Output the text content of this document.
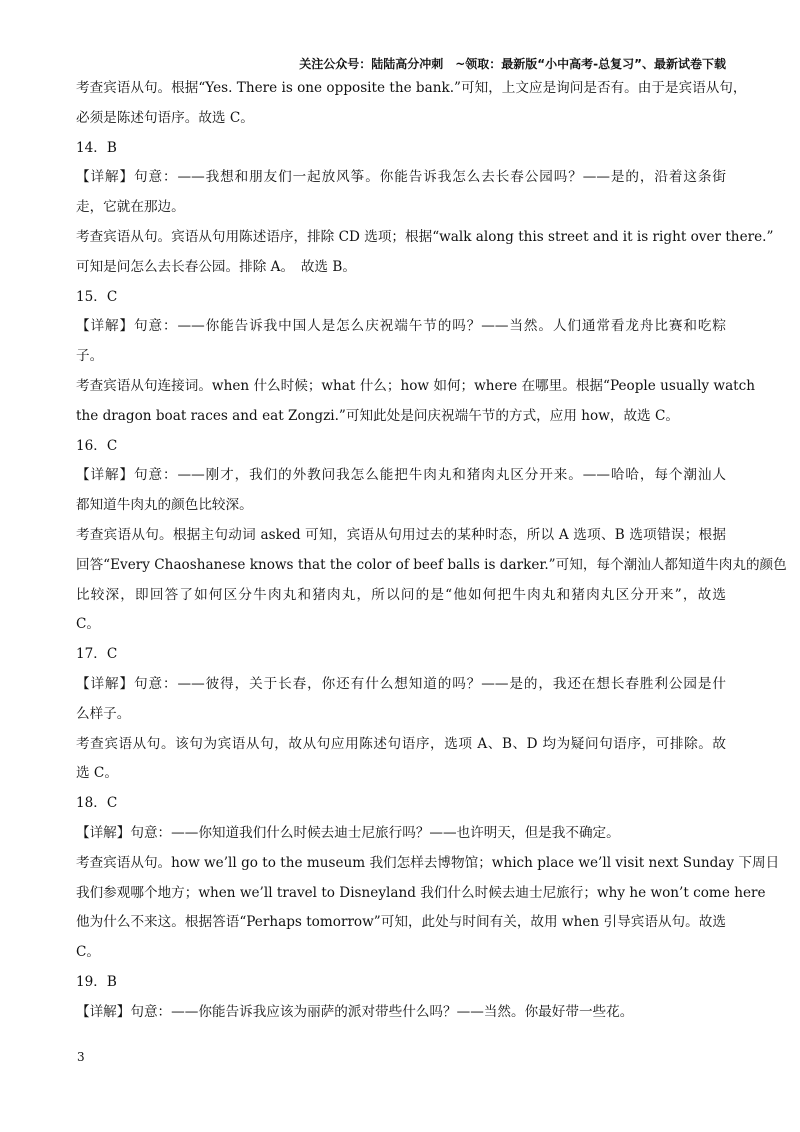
关注公众号：陆陆高分冲刺　~领取：最新版“小中高考-总复习”、最新试卷下载
考查宾语从句。根据“Yes. There is one opposite the bank.”可知，上文应是询问是否有。由于是宾语从句，
必须是陈述句语序。故选 C。
14．B
【详解】句意：——我想和朋友们一起放风筝。你能告诉我怎么去长春公园吗？——是的，沿着这条街
走，它就在那边。
考查宾语从句。宾语从句用陈述语序，排除 CD 选项；根据“walk along this street and it is right over there.”
可知是问怎么去长春公园。排除 A。　故选 B。
15．C
【详解】句意：——你能告诉我中国人是怎么庆祝端午节的吗？——当然。人们通常看龙舟比赛和吃粽
子。
考查宾语从句连接词。when 什么时候；what 什么；how 如何；where 在哪里。根据“People usually watch
the dragon boat races and eat Zongzi.”可知此处是问庆祝端午节的方式，应用 how，故选 C。
16．C
【详解】句意：——刚才，我们的外教问我怎么能把牛肉丸和猪肉丸区分开来。——哈哈，每个潮汕人
都知道牛肉丸的颜色比较深。
考查宾语从句。根据主句动词 asked 可知，宾语从句用过去的某种时态，所以 A 选项、B 选项错误；根据
回答“Every Chaoshanese knows that the color of beef balls is darker.”可知，每个潮汕人都知道牛肉丸的颜色
比较深，即回答了如何区分牛肉丸和猪肉丸，所以问的是“他如何把牛肉丸和猪肉丸区分开来”，故选
C。
17．C
【详解】句意：——彼得，关于长春，你还有什么想知道的吗？——是的，我还在想长春胜利公园是什
么样子。
考查宾语从句。该句为宾语从句，故从句应用陈述句语序，选项 A、B、D 均为疑问句语序，可排除。故
选 C。
18．C
【详解】句意：——你知道我们什么时候去迪士尼旅行吗？——也许明天，但是我不确定。
考查宾语从句。how we’ll go to the museum 我们怎样去博物馆；which place we’ll visit next Sunday 下周日
我们参观哪个地方；when we’ll travel to Disneyland 我们什么时候去迪士尼旅行；why he won’t come here
他为什么不来这。根据答语“Perhaps tomorrow”可知，此处与时间有关，故用 when 引导宾语从句。故选
C。
19．B
【详解】句意：——你能告诉我应该为丽萨的派对带些什么吗？——当然。你最好带一些花。
3
